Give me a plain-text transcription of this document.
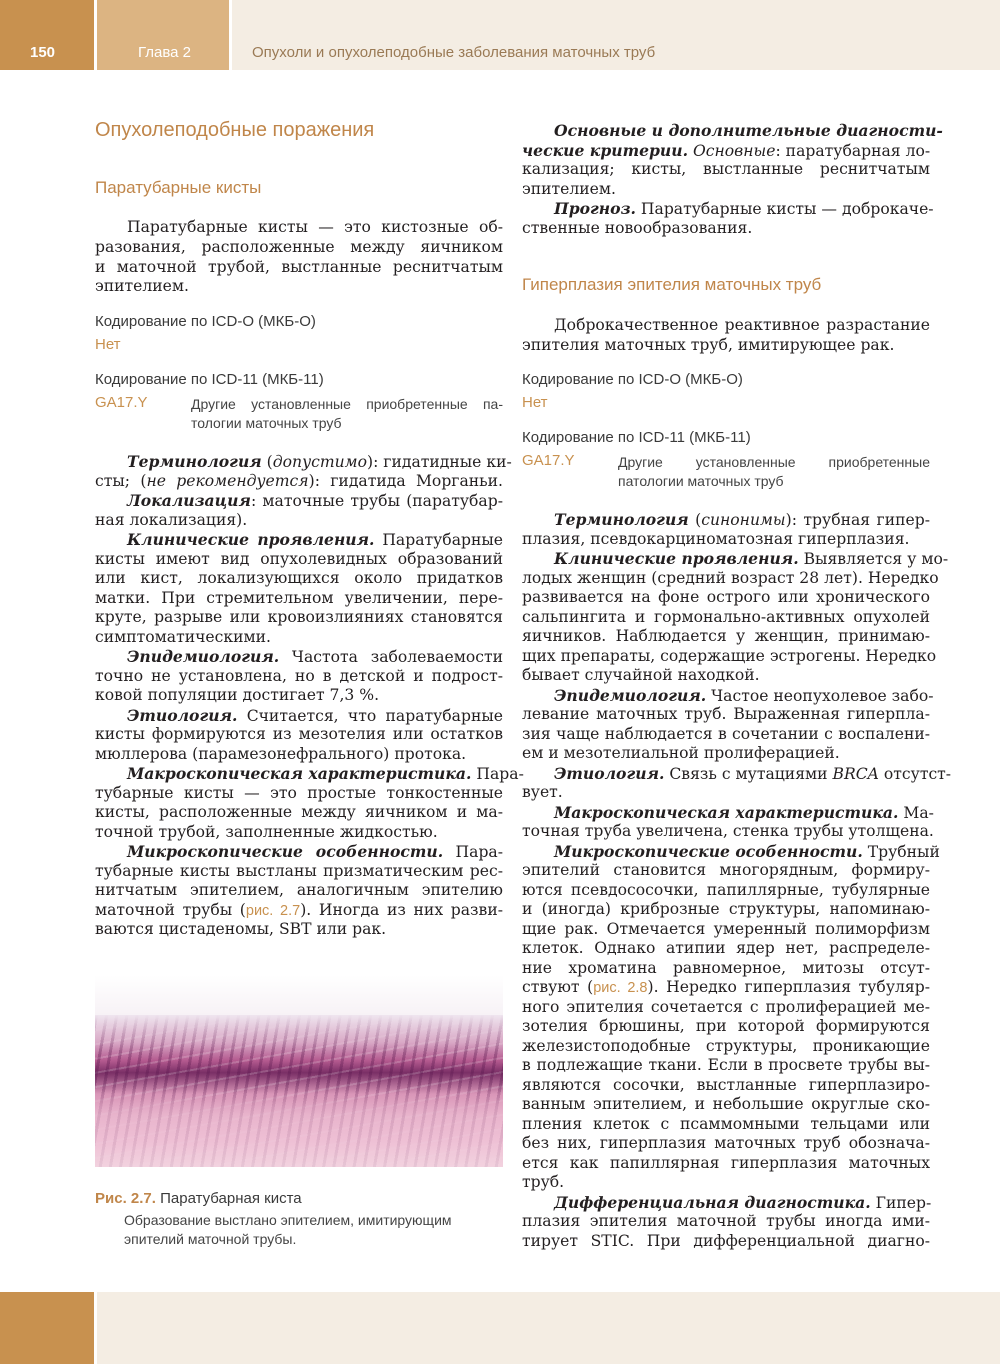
150	Глава 2	Опухоли и опухолеподобные заболевания маточных труб
Опухолеподобные поражения
Паратубарные кисты
Паратубарные кисты — это кистозные об-
разования, расположенные между яичником
и маточной трубой, выстланные реснитчатым
эпителием.
Кодирование по ICD-O (МКБ-О)
Нет
Кодирование по ICD-11 (МКБ-11)
GA17.Y	Другие установленные приобретенные па-
тологии маточных труб
Терминология (допустимо): гидатидные ки-
сты; (не рекомендуется): гидатида Морганьи.
Локализация: маточные трубы (паратубар-
ная локализация).
Клинические проявления. Паратубарные
кисты имеют вид опухолевидных образований
или кист, локализующихся около придатков
матки. При стремительном увеличении, пере-
круте, разрыве или кровоизлияниях становятся
симптоматическими.
Эпидемиология. Частота заболеваемости
точно не установлена, но в детской и подрост-
ковой популяции достигает 7,3 %.
Этиология. Считается, что паратубарные
кисты формируются из мезотелия или остатков
мюллерова (парамезонефрального) протока.
Макроскопическая характеристика. Пара-
тубарные кисты — это простые тонкостенные
кисты, расположенные между яичником и ма-
точной трубой, заполненные жидкостью.
Микроскопические особенности. Пара-
тубарные кисты выстланы призматическим рес-
нитчатым эпителием, аналогичным эпителию
маточной трубы (рис. 2.7). Иногда из них разви-
ваются цистаденомы, SBT или рак.
Рис. 2.7. Паратубарная киста
Образование выстлано эпителием, имитирующим эпителий маточной трубы.
Основные и дополнительные диагности-
ческие критерии. Основные: паратубарная ло-
кализация; кисты, выстланные реснитчатым
эпителием.
Прогноз. Паратубарные кисты — доброкаче-
ственные новообразования.
Гиперплазия эпителия маточных труб
Доброкачественное реактивное разрастание
эпителия маточных труб, имитирующее рак.
Кодирование по ICD-O (МКБ-О)
Нет
Кодирование по ICD-11 (МКБ-11)
GA17.Y	Другие установленные приобретенные
патологии маточных труб
Терминология (синонимы): трубная гипер-
плазия, псевдокарциноматозная гиперплазия.
Клинические проявления. Выявляется у мо-
лодых женщин (средний возраст 28 лет). Нередко
развивается на фоне острого или хронического
сальпингита и гормонально-активных опухолей
яичников. Наблюдается у женщин, принимаю-
щих препараты, содержащие эстрогены. Нередко
бывает случайной находкой.
Эпидемиология. Частое неопухолевое забо-
левание маточных труб. Выраженная гиперпла-
зия чаще наблюдается в сочетании с воспалени-
ем и мезотелиальной пролиферацией.
Этиология. Связь с мутациями BRCA отсутст-
вует.
Макроскопическая характеристика. Ма-
точная труба увеличена, стенка трубы утолщена.
Микроскопические особенности. Трубный
эпителий становится многорядным, формиру-
ются псевдососочки, папиллярные, тубулярные
и (иногда) криброзные структуры, напоминаю-
щие рак. Отмечается умеренный полиморфизм
клеток. Однако атипии ядер нет, распределе-
ние хроматина равномерное, митозы отсут-
ствуют (рис. 2.8). Нередко гиперплазия тубуляр-
ного эпителия сочетается с пролиферацией ме-
зотелия брюшины, при которой формируются
железистоподобные структуры, проникающие
в подлежащие ткани. Если в просвете трубы вы-
являются сосочки, выстланные гиперплазиро-
ванным эпителием, и небольшие округлые ско-
пления клеток с псаммомными тельцами или
без них, гиперплазия маточных труб обознача-
ется как папиллярная гиперплазия маточных
труб.
Дифференциальная диагностика. Гипер-
плазия эпителия маточной трубы иногда ими-
тирует STIC. При дифференциальной диагно-
